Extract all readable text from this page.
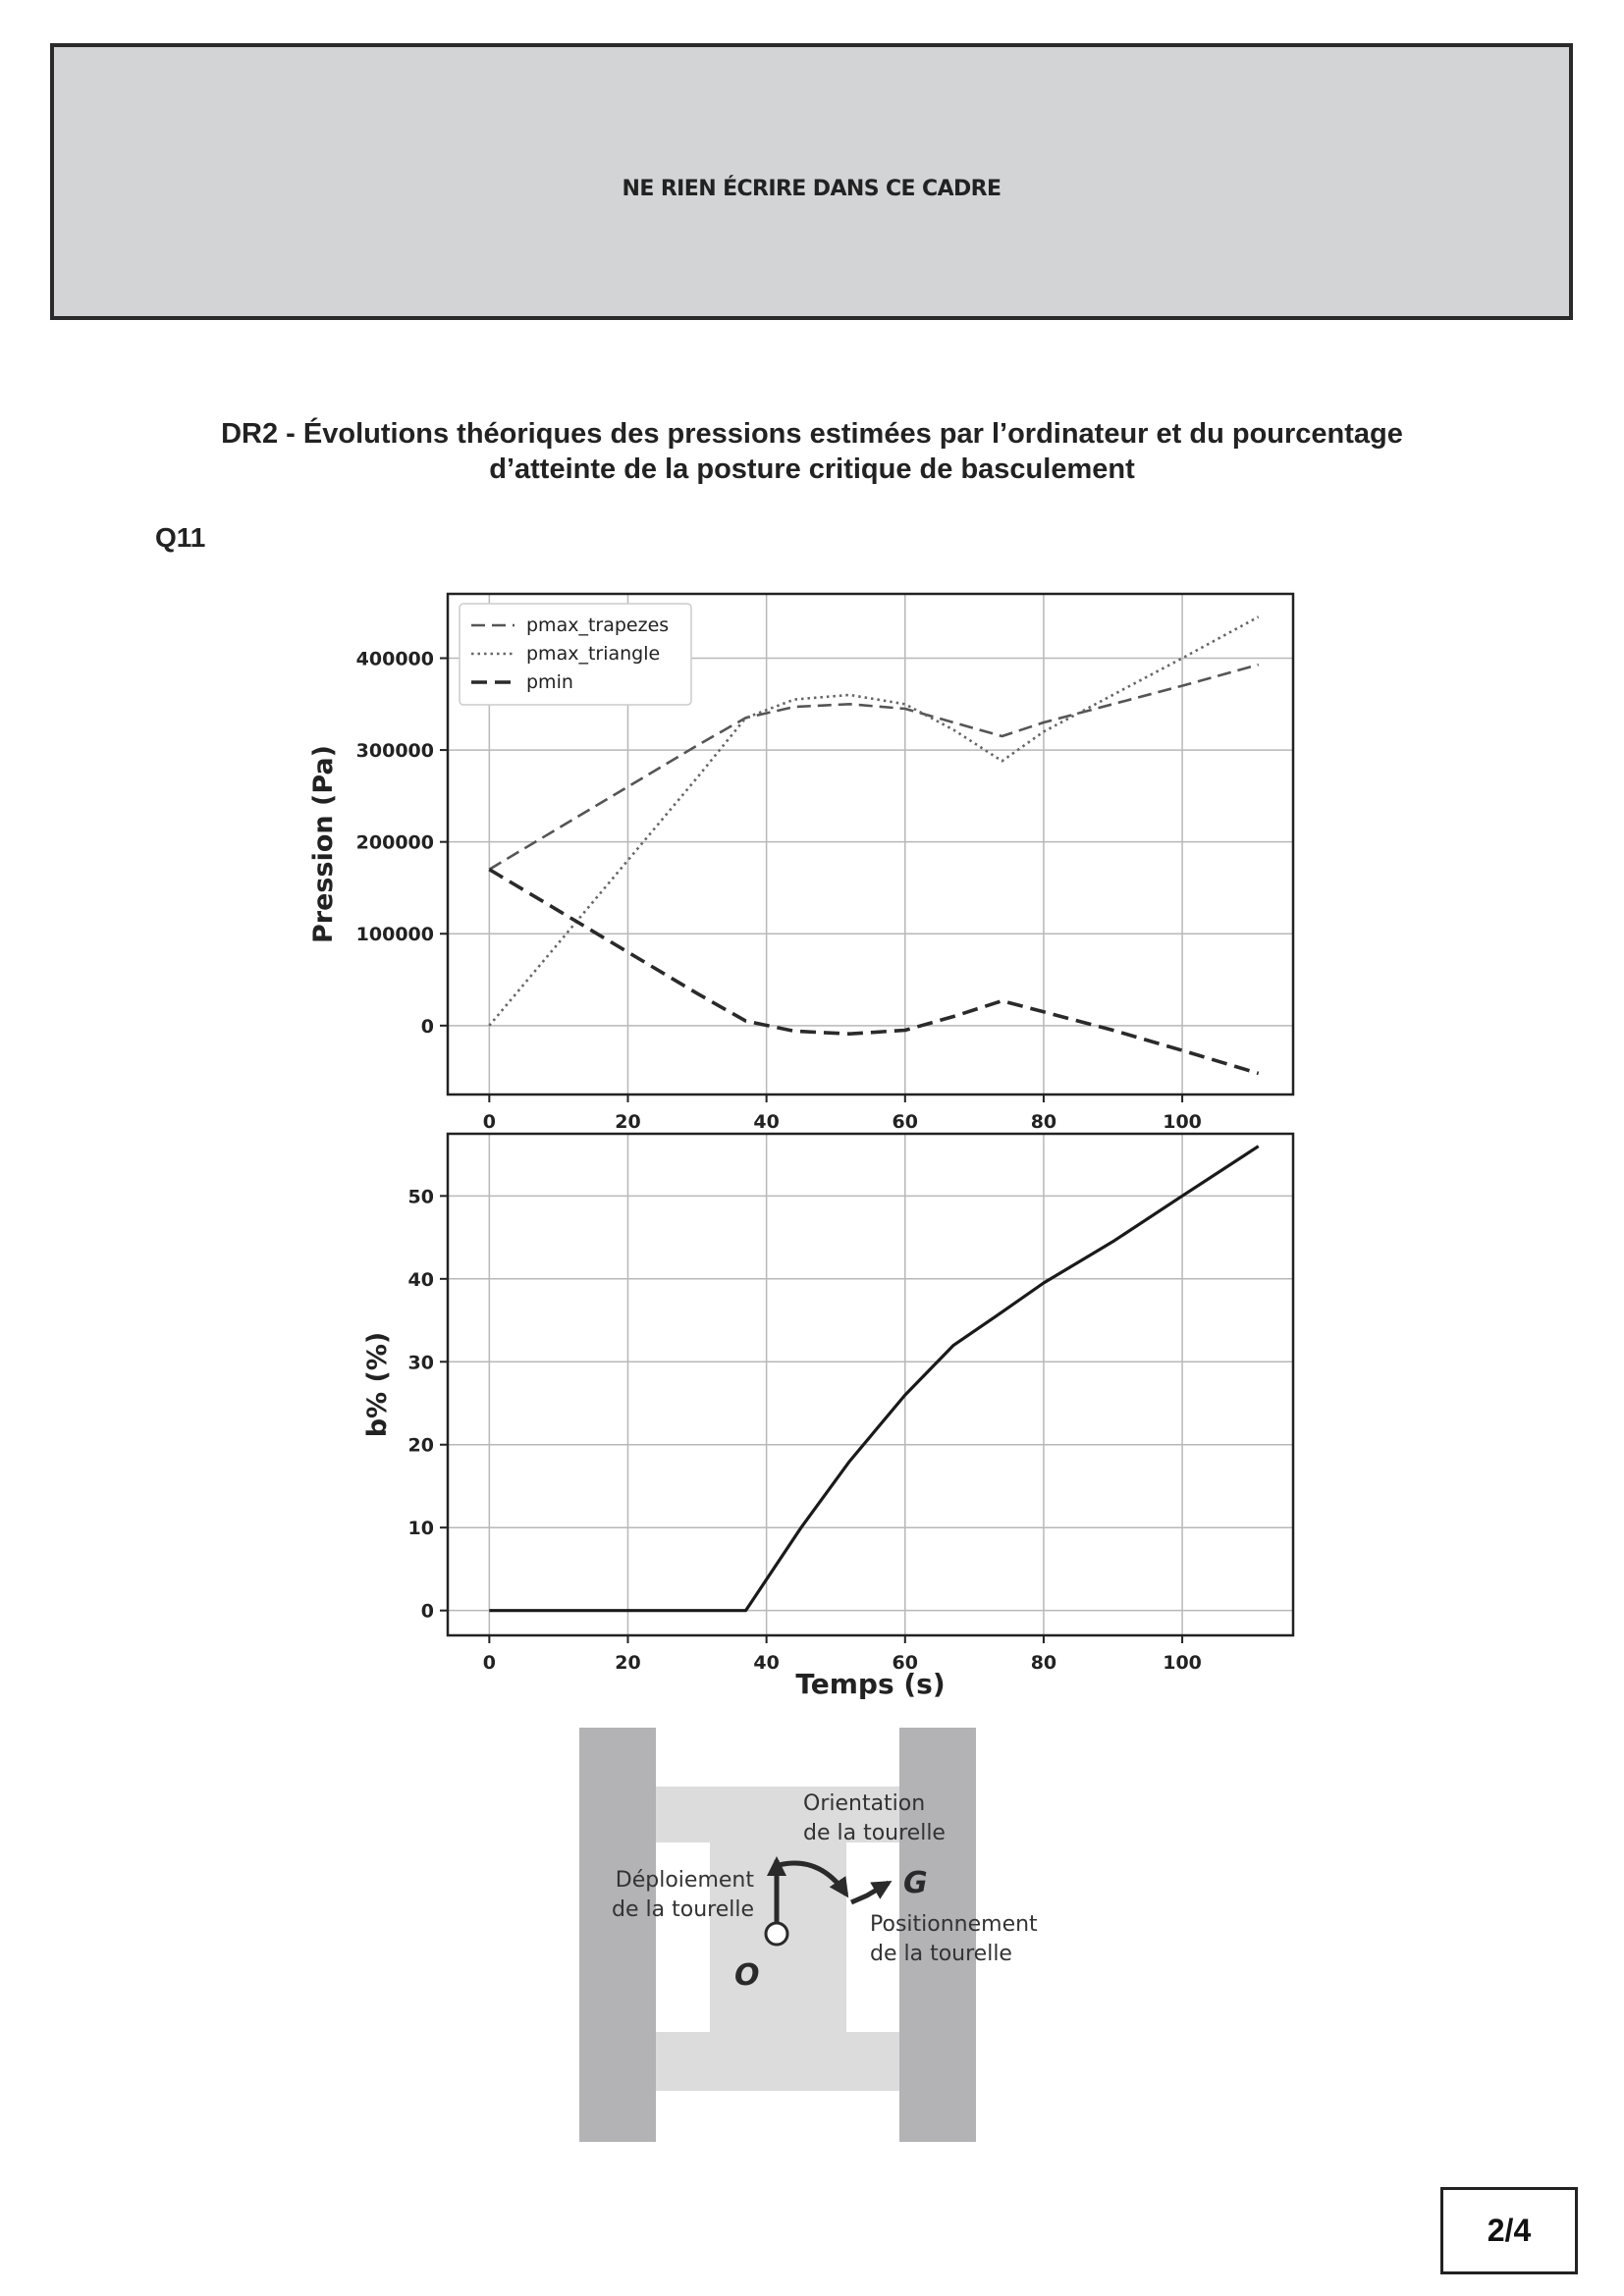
NE RIEN ÉCRIRE DANS CE CADRE
DR2 - Évolutions théoriques des pressions estimées par l’ordinateur et du pourcentage
d’atteinte de la posture critique de basculement
Q11
0	20	40	60	80	100
0
100000
200000
300000
400000
Pression (Pa)
pmax_trapezes
pmax_triangle
pmin
0	20	40	60	80	100
0
10
20
30
40
50
b% (%)
Temps (s)
O
G
Déploiement
de la tourelle
Orientation
de la tourelle
Positionnement
de la tourelle
2/4
